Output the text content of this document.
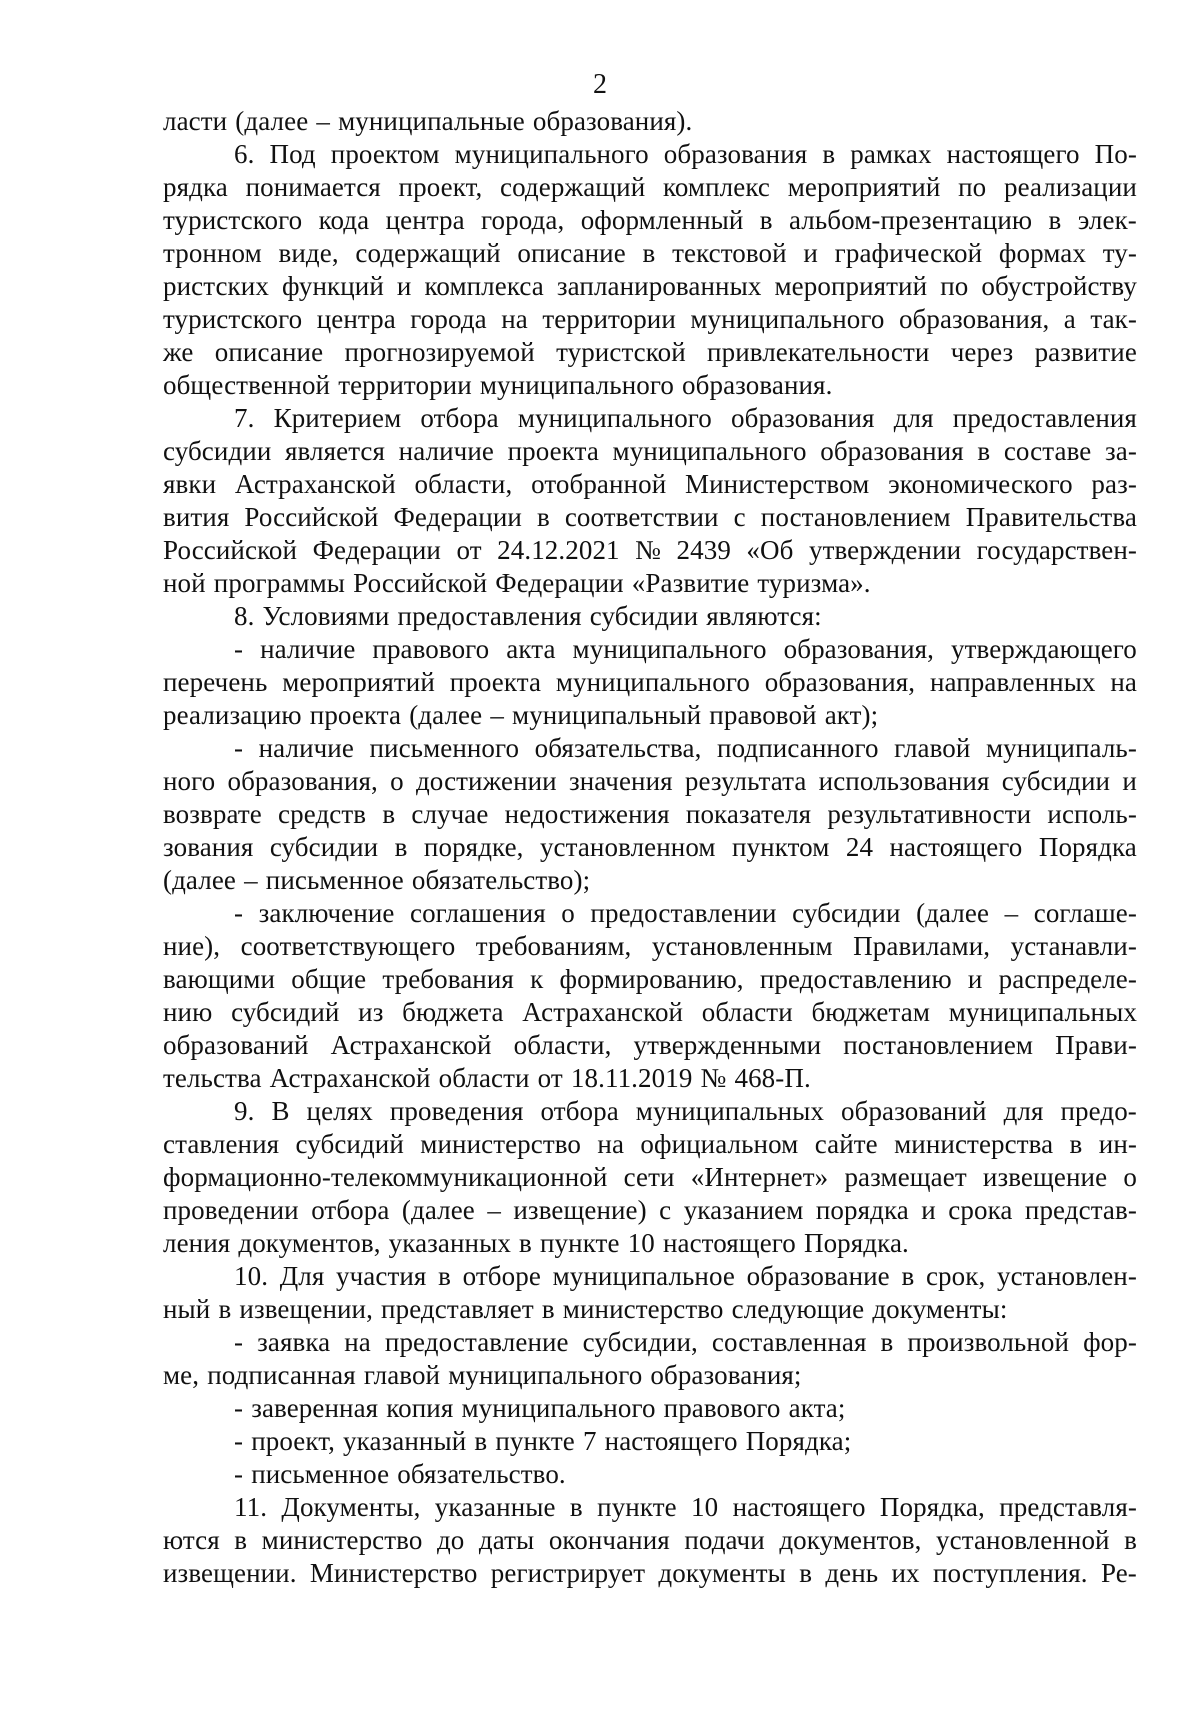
2
ласти (далее – муниципальные образования).
6. Под проектом муниципального образования в рамках настоящего По-
рядка понимается проект, содержащий комплекс мероприятий по реализации
туристского кода центра города, оформленный в альбом-презентацию в элек-
тронном виде, содержащий описание в текстовой и графической формах ту-
ристских функций и комплекса запланированных мероприятий по обустройству
туристского центра города на территории муниципального образования, а так-
же описание прогнозируемой туристской привлекательности через развитие
общественной территории муниципального образования.
7. Критерием отбора муниципального образования для предоставления
субсидии является наличие проекта муниципального образования в составе за-
явки Астраханской области, отобранной Министерством экономического раз-
вития Российской Федерации в соответствии с постановлением Правительства
Российской Федерации от 24.12.2021 № 2439 «Об утверждении государствен-
ной программы Российской Федерации «Развитие туризма».
8. Условиями предоставления субсидии являются:
- наличие правового акта муниципального образования, утверждающего
перечень мероприятий проекта муниципального образования, направленных на
реализацию проекта (далее – муниципальный правовой акт);
- наличие письменного обязательства, подписанного главой муниципаль-
ного образования, о достижении значения результата использования субсидии и
возврате средств в случае недостижения показателя результативности исполь-
зования субсидии в порядке, установленном пунктом 24 настоящего Порядка
(далее – письменное обязательство);
- заключение соглашения о предоставлении субсидии (далее – соглаше-
ние), соответствующего требованиям, установленным Правилами, устанавли-
вающими общие требования к формированию, предоставлению и распределе-
нию субсидий из бюджета Астраханской области бюджетам муниципальных
образований Астраханской области, утвержденными постановлением Прави-
тельства Астраханской области от 18.11.2019 № 468-П.
9. В целях проведения отбора муниципальных образований для предо-
ставления субсидий министерство на официальном сайте министерства в ин-
формационно-телекоммуникационной сети «Интернет» размещает извещение о
проведении отбора (далее – извещение) с указанием порядка и срока представ-
ления документов, указанных в пункте 10 настоящего Порядка.
10. Для участия в отборе муниципальное образование в срок, установлен-
ный в извещении, представляет в министерство следующие документы:
- заявка на предоставление субсидии, составленная в произвольной фор-
ме, подписанная главой муниципального образования;
- заверенная копия муниципального правового акта;
- проект, указанный в пункте 7 настоящего Порядка;
- письменное обязательство.
11. Документы, указанные в пункте 10 настоящего Порядка, представля-
ются в министерство до даты окончания подачи документов, установленной в
извещении. Министерство регистрирует документы в день их поступления. Ре-
